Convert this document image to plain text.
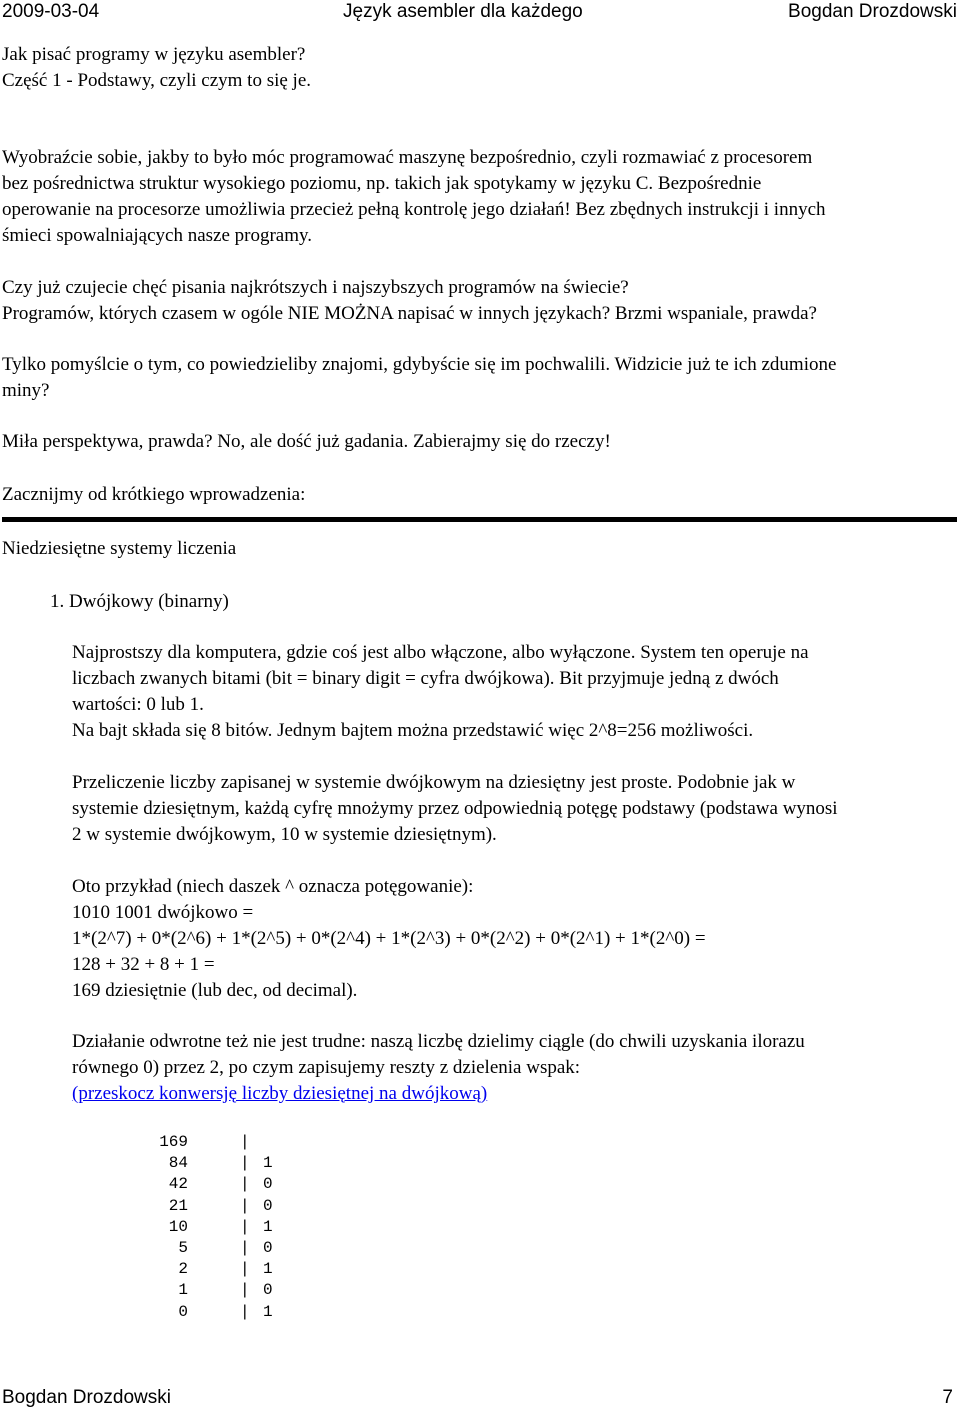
2009-03-04	Język asembler dla każdego	Bogdan Drozdowski
Jak pisać programy w języku asembler?
Część 1 - Podstawy, czyli czym to się je.
Wyobraźcie sobie, jakby to było móc programować maszynę bezpośrednio, czyli rozmawiać z procesorem
bez pośrednictwa struktur wysokiego poziomu, np. takich jak spotykamy w języku C. Bezpośrednie
operowanie na procesorze umożliwia przecież pełną kontrolę jego działań! Bez zbędnych instrukcji i innych
śmieci spowalniających nasze programy.
Czy już czujecie chęć pisania najkrótszych i najszybszych programów na świecie?
Programów, których czasem w ogóle NIE MOŻNA napisać w innych językach? Brzmi wspaniale, prawda?
Tylko pomyślcie o tym, co powiedzieliby znajomi, gdybyście się im pochwalili. Widzicie już te ich zdumione
miny?
Miła perspektywa, prawda? No, ale dość już gadania. Zabierajmy się do rzeczy!
Zacznijmy od krótkiego wprowadzenia:
Niedziesiętne systemy liczenia
1. Dwójkowy (binarny)
Najprostszy dla komputera, gdzie coś jest albo włączone, albo wyłączone. System ten operuje na
liczbach zwanych bitami (bit = binary digit = cyfra dwójkowa). Bit przyjmuje jedną z dwóch
wartości: 0 lub 1.
Na bajt składa się 8 bitów. Jednym bajtem można przedstawić więc 2^8=256 możliwości.
Przeliczenie liczby zapisanej w systemie dwójkowym na dziesiętny jest proste. Podobnie jak w
systemie dziesiętnym, każdą cyfrę mnożymy przez odpowiednią potęgę podstawy (podstawa wynosi
2 w systemie dwójkowym, 10 w systemie dziesiętnym).
Oto przykład (niech daszek ^ oznacza potęgowanie):
1010 1001 dwójkowo =
1*(2^7) + 0*(2^6) + 1*(2^5) + 0*(2^4) + 1*(2^3) + 0*(2^2) + 0*(2^1) + 1*(2^0) =
128 + 32 + 8 + 1 =
169 dziesiętnie (lub dec, od decimal).
Działanie odwrotne też nie jest trudne: naszą liczbę dzielimy ciągle (do chwili uzyskania ilorazu
równego 0) przez 2, po czym zapisujemy reszty z dzielenia wspak:
(przeskocz konwersję liczby dziesiętnej na dwójkową)
169	|
84	| 1
42	| 0
21	| 0
10	| 1
5	| 0
2	| 1
1	| 0
0	| 1
Bogdan Drozdowski	7
